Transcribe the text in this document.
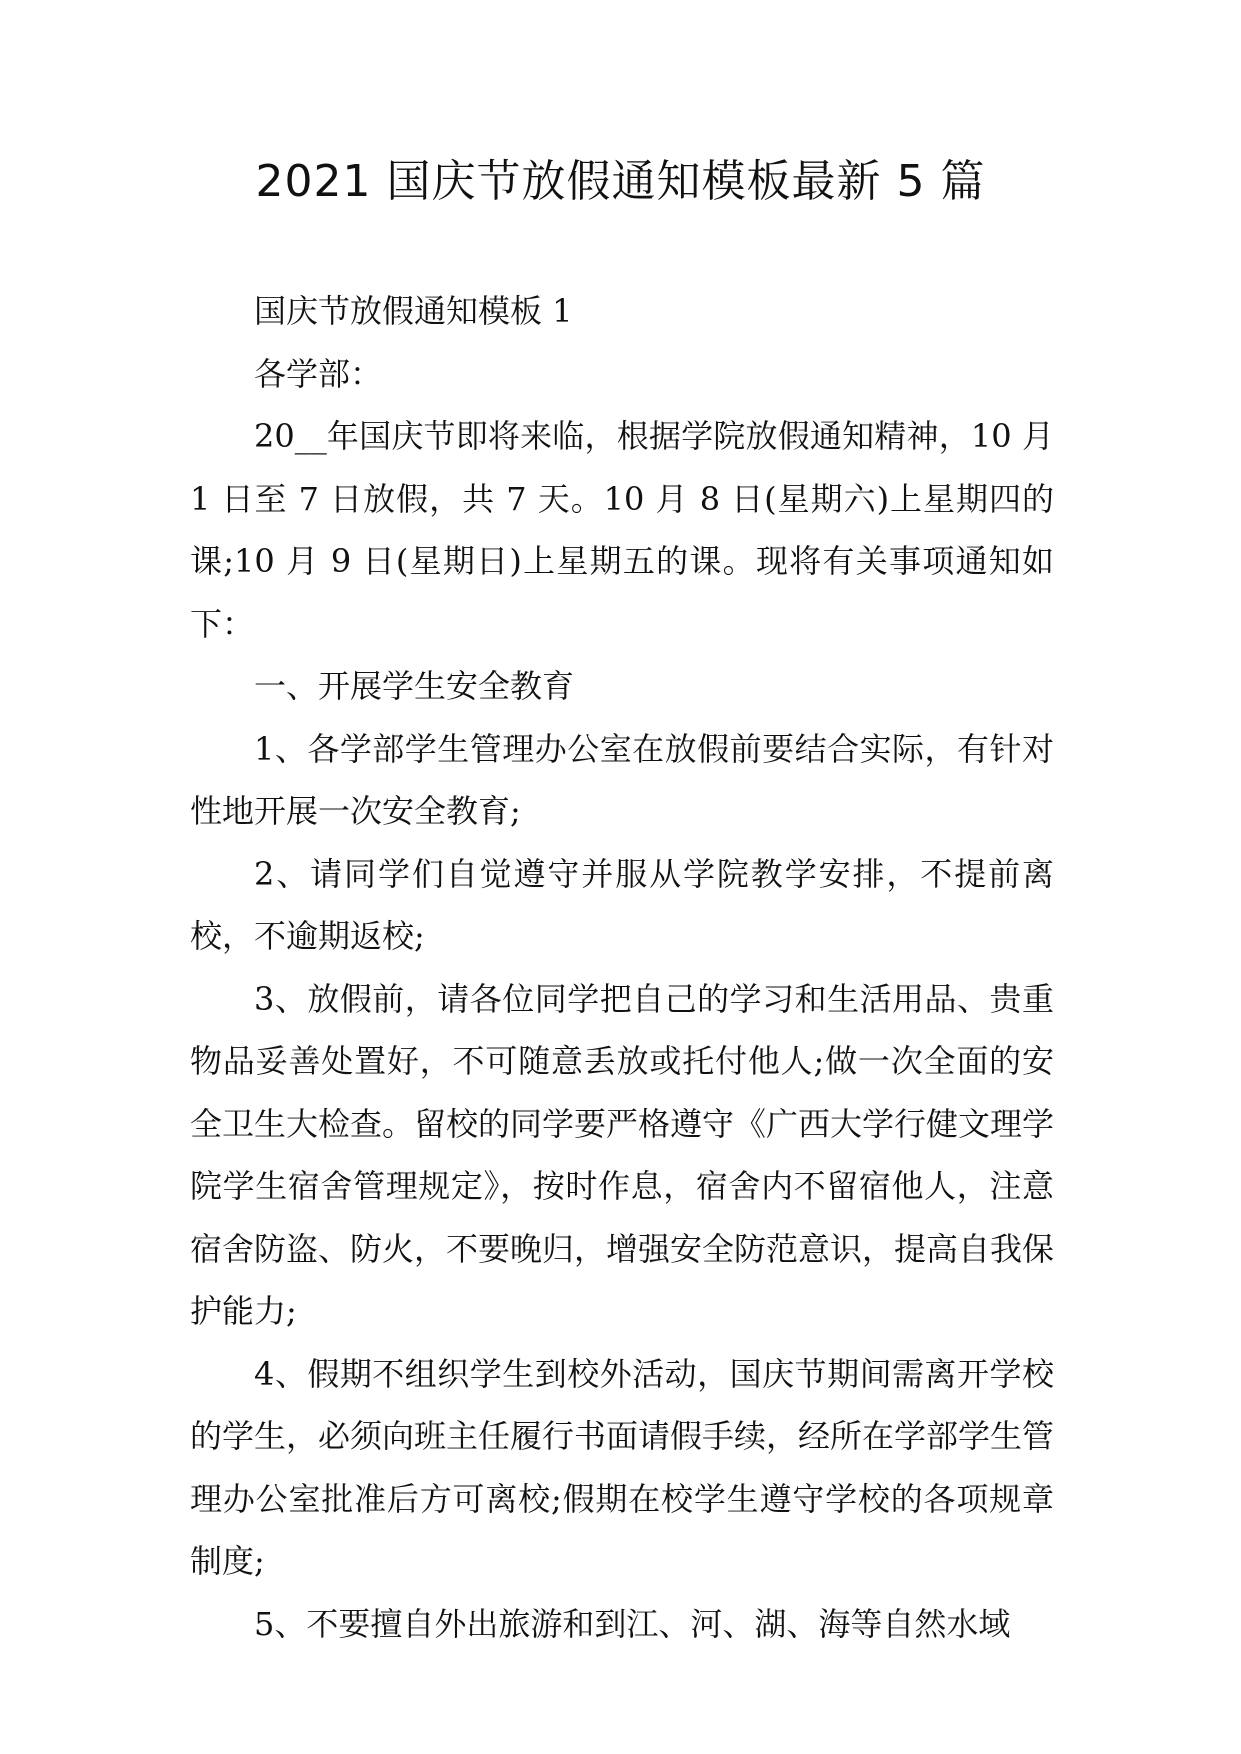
2021 国庆节放假通知模板最新 5 篇

国庆节放假通知模板 1

各学部：

20__年国庆节即将来临，根据学院放假通知精神，10 月 1 日至 7 日放假，共 7 天。10 月 8 日(星期六)上星期四的课;10 月 9 日(星期日)上星期五的课。现将有关事项通知如下：

一、开展学生安全教育

1、各学部学生管理办公室在放假前要结合实际，有针对性地开展一次安全教育;

2、请同学们自觉遵守并服从学院教学安排，不提前离校，不逾期返校;

3、放假前，请各位同学把自己的学习和生活用品、贵重物品妥善处置好，不可随意丢放或托付他人;做一次全面的安全卫生大检查。留校的同学要严格遵守《广西大学行健文理学院学生宿舍管理规定》，按时作息，宿舍内不留宿他人，注意宿舍防盗、防火，不要晚归，增强安全防范意识，提高自我保护能力;

4、假期不组织学生到校外活动，国庆节期间需离开学校的学生，必须向班主任履行书面请假手续，经所在学部学生管理办公室批准后方可离校;假期在校学生遵守学校的各项规章制度;

5、不要擅自外出旅游和到江、河、湖、海等自然水域
